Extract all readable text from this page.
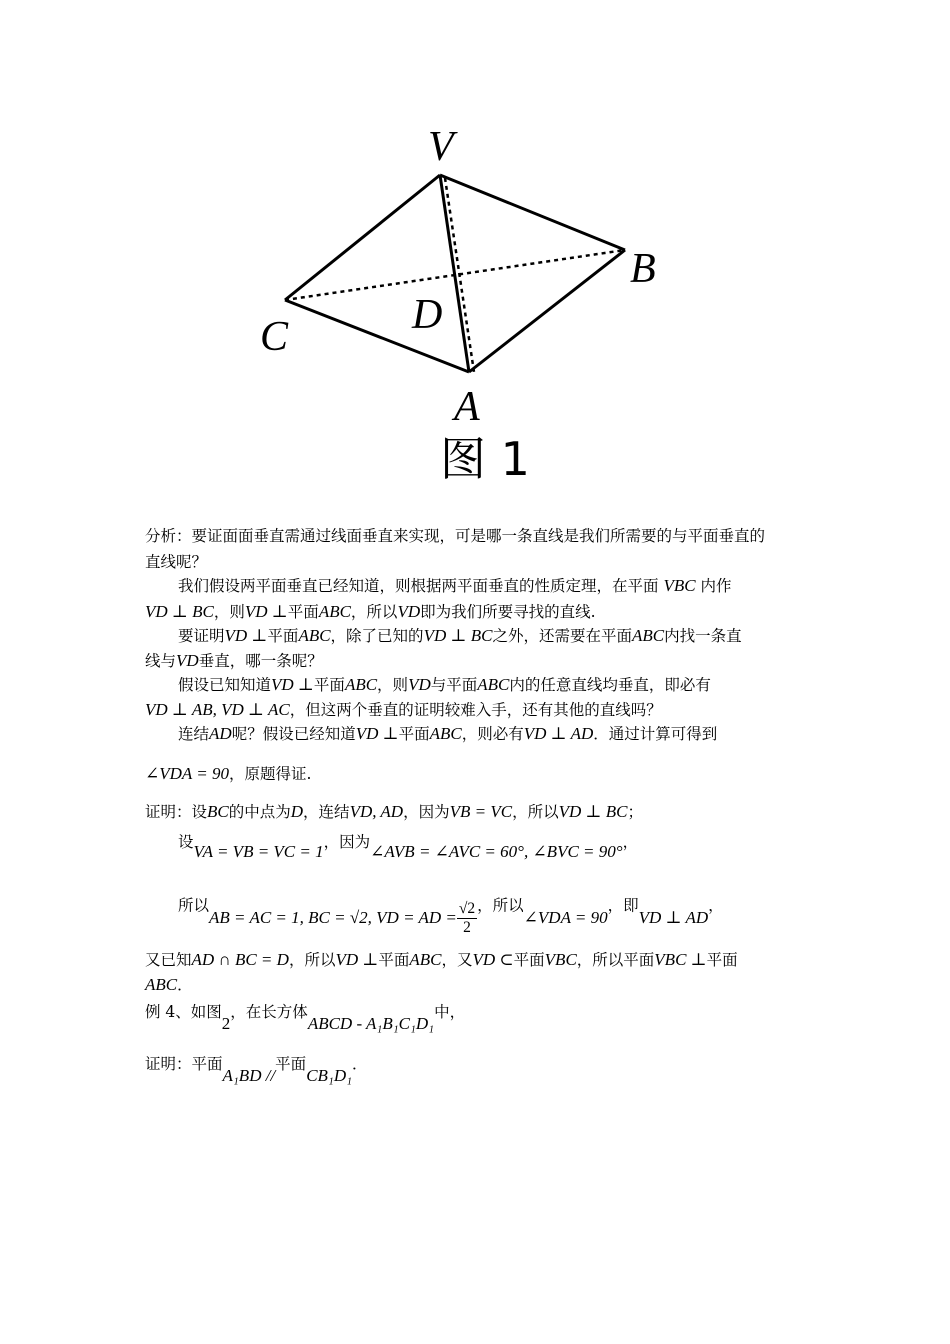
V
B
C	D
A
图 1
分析：要证面面垂直需通过线面垂直来实现，可是哪一条直线是我们所需要的与平面垂直的
直线呢？
我们假设两平面垂直已经知道，则根据两平面垂直的性质定理，在平面 VBC 内作
VD ⊥ BC，则VD ⊥平面ABC，所以VD即为我们所要寻找的直线.
要证明VD ⊥平面ABC，除了已知的VD ⊥ BC之外，还需要在平面ABC内找一条直
线与VD垂直，哪一条呢？
假设已知知道VD ⊥平面ABC，则VD与平面ABC内的任意直线均垂直，即必有
VD ⊥ AB, VD ⊥ AC，但这两个垂直的证明较难入手，还有其他的直线吗？
连结AD呢？假设已经知道VD ⊥平面ABC，则必有VD ⊥ AD．通过计算可得到
∠VDA = 90，原题得证.
证明：设BC的中点为D，连结VD, AD，因为VB = VC，所以VD ⊥ BC；
设VA = VB = VC = 1，因为∠AVB = ∠AVC = 60°, ∠BVC = 90°，
所以AB = AC = 1, BC = √2, VD = AD = $\frac{√2}{2}$ ，所以∠VDA = 90，即VD ⊥ AD，
又已知AD ∩ BC = D，所以VD ⊥平面ABC，又VD ⊂平面VBC，所以平面VBC ⊥平面
ABC．
例 4、如图2，在长方体ABCD - A₁B₁C₁D₁中，
证明：平面A₁BD //平面CB₁D₁．
